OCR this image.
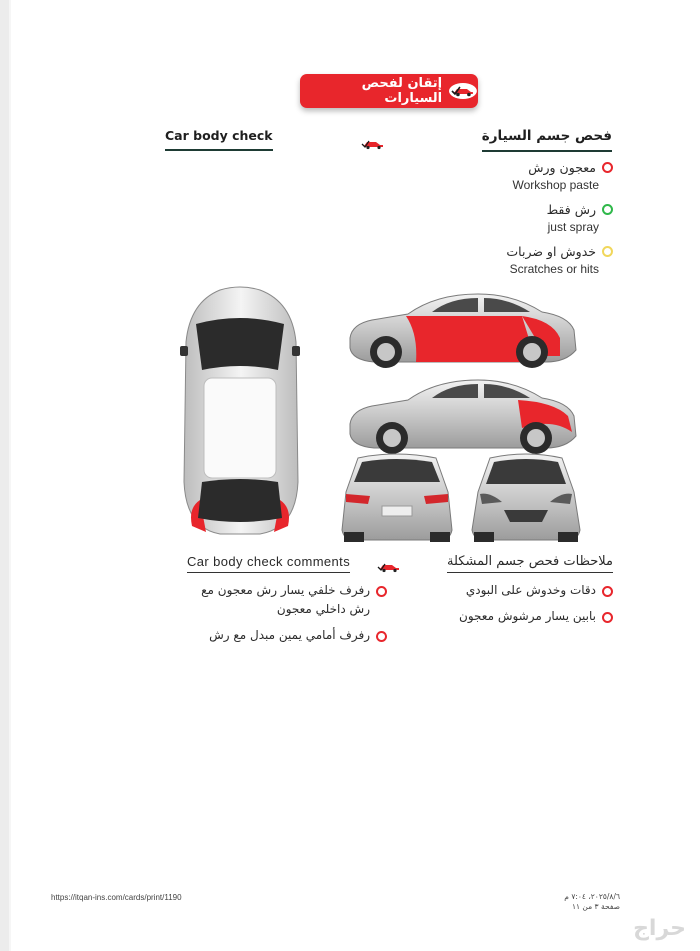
إتقان لفحص السيارات
فحص جسم السيارة
Car body check
معجون ورش
Workshop paste
رش فقط
just spray
خدوش او ضربات
Scratches or hits
ملاحظات فحص جسم المشكلة
Car body check comments
دقات وخدوش على البودي
بابين يسار مرشوش معجون
رفرف خلفي يسار رش معجون مع رش داخلي معجون
رفرف أمامي يمين مبدل مع رش
https://itqan-ins.com/cards/print/1190	٢٠٢٥/٨/٦، ٧:٠٤ م
صفحة ٣ من ١١
حراج
